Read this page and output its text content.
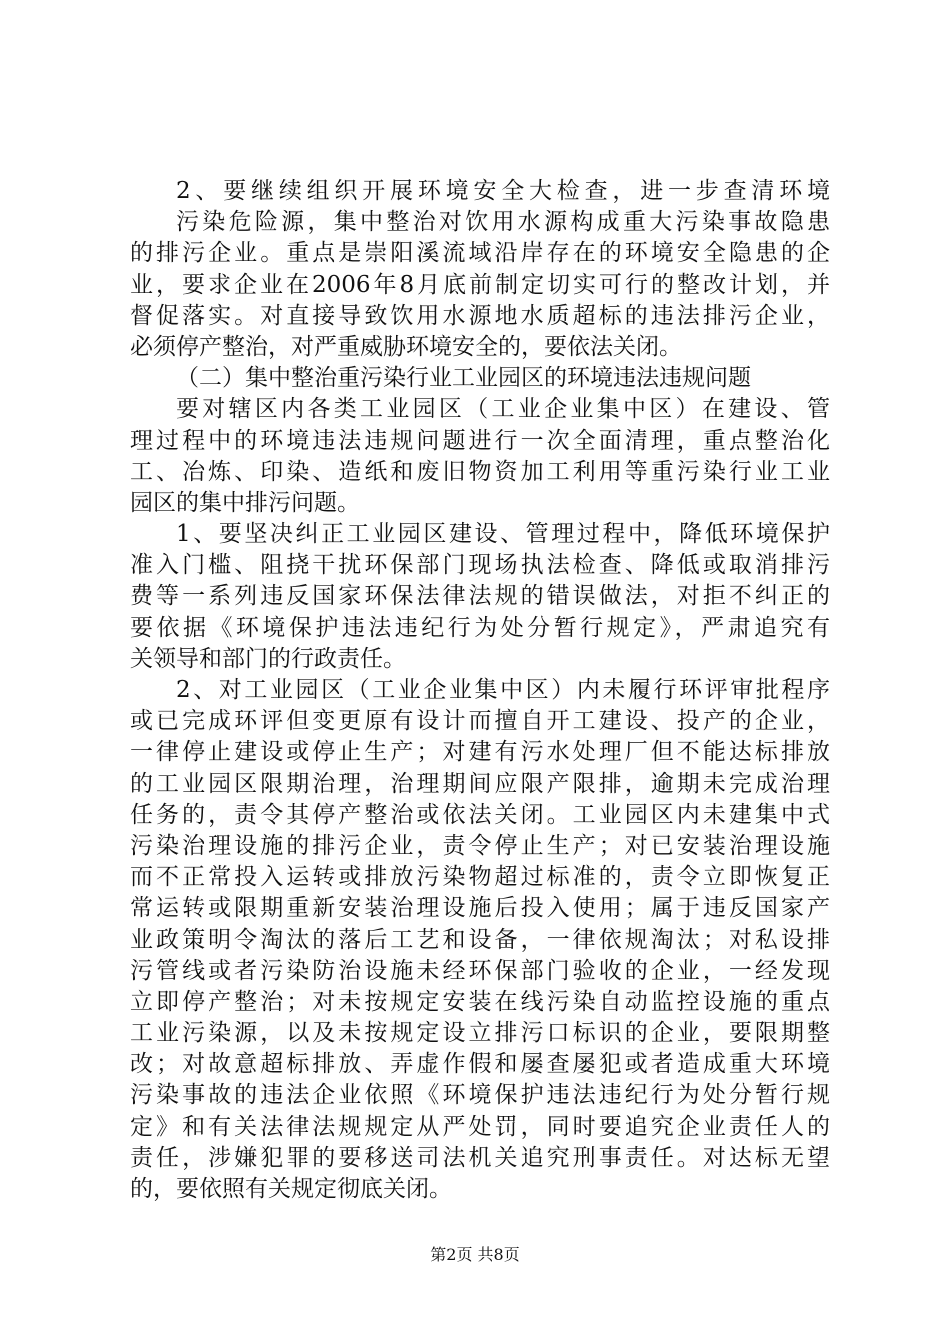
2、要继续组织开展环境安全大检查，进一步查清环境
污染危险源，集中整治对饮用水源构成重大污染事故隐患
的排污企业。重点是崇阳溪流域沿岸存在的环境安全隐患的企
业，要求企业在2006年8月底前制定切实可行的整改计划，并
督促落实。对直接导致饮用水源地水质超标的违法排污企业，
必须停产整治，对严重威胁环境安全的，要依法关闭。
（二）集中整治重污染行业工业园区的环境违法违规问题
要对辖区内各类工业园区（工业企业集中区）在建设、管
理过程中的环境违法违规问题进行一次全面清理，重点整治化
工、冶炼、印染、造纸和废旧物资加工利用等重污染行业工业
园区的集中排污问题。
1、要坚决纠正工业园区建设、管理过程中，降低环境保护
准入门槛、阻挠干扰环保部门现场执法检查、降低或取消排污
费等一系列违反国家环保法律法规的错误做法，对拒不纠正的
要依据《环境保护违法违纪行为处分暂行规定》，严肃追究有
关领导和部门的行政责任。
2、对工业园区（工业企业集中区）内未履行环评审批程序
或已完成环评但变更原有设计而擅自开工建设、投产的企业，
一律停止建设或停止生产；对建有污水处理厂但不能达标排放
的工业园区限期治理，治理期间应限产限排，逾期未完成治理
任务的，责令其停产整治或依法关闭。工业园区内未建集中式
污染治理设施的排污企业，责令停止生产；对已安装治理设施
而不正常投入运转或排放污染物超过标准的，责令立即恢复正
常运转或限期重新安装治理设施后投入使用；属于违反国家产
业政策明令淘汰的落后工艺和设备，一律依规淘汰；对私设排
污管线或者污染防治设施未经环保部门验收的企业，一经发现
立即停产整治；对未按规定安装在线污染自动监控设施的重点
工业污染源，以及未按规定设立排污口标识的企业，要限期整
改；对故意超标排放、弄虚作假和屡查屡犯或者造成重大环境
污染事故的违法企业依照《环境保护违法违纪行为处分暂行规
定》和有关法律法规规定从严处罚，同时要追究企业责任人的
责任，涉嫌犯罪的要移送司法机关追究刑事责任。对达标无望
的，要依照有关规定彻底关闭。
第2页 共8页
